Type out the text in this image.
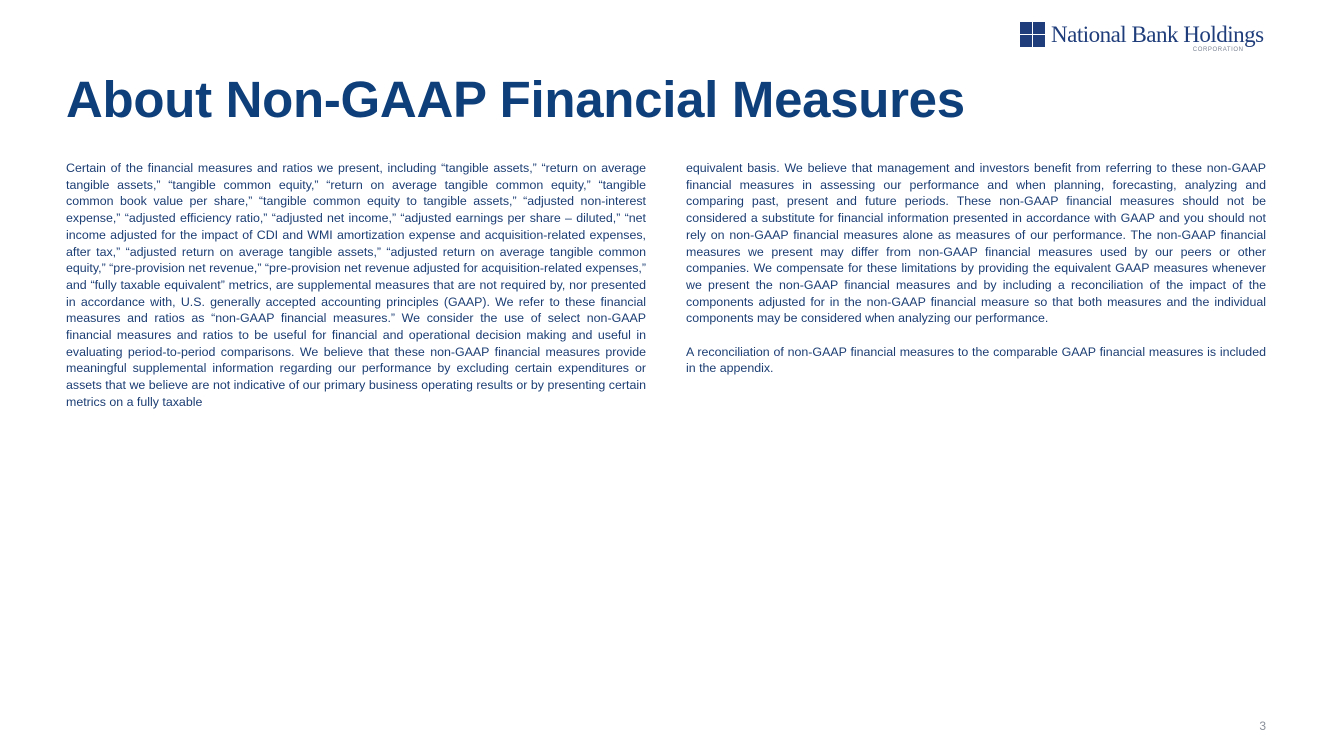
National Bank Holdings
CORPORATION
About Non-GAAP Financial Measures

Certain of the financial measures and ratios we present, including “tangible assets,” “return on average tangible assets,” “tangible common equity,” “return on average tangible common equity,” “tangible common book value per share,” “tangible common equity to tangible assets,” “adjusted non-interest expense,” “adjusted efficiency ratio,” “adjusted net income,” “adjusted earnings per share – diluted,” “net income adjusted for the impact of CDI and WMI amortization expense and acquisition-related expenses, after tax,” “adjusted return on average tangible assets,” “adjusted return on average tangible common equity,” “pre-provision net revenue,” “pre-provision net revenue adjusted for acquisition-related expenses,” and “fully taxable equivalent” metrics, are supplemental measures that are not required by, nor presented in accordance with, U.S. generally accepted accounting principles (GAAP). We refer to these financial measures and ratios as “non-GAAP financial measures.” We consider the use of select non-GAAP financial measures and ratios to be useful for financial and operational decision making and useful in evaluating period-to-period comparisons. We believe that these non-GAAP financial measures provide meaningful supplemental information regarding our performance by excluding certain expenditures or assets that we believe are not indicative of our primary business operating results or by presenting certain metrics on a fully taxable

equivalent basis. We believe that management and investors benefit from referring to these non-GAAP financial measures in assessing our performance and when planning, forecasting, analyzing and comparing past, present and future periods. These non-GAAP financial measures should not be considered a substitute for financial information presented in accordance with GAAP and you should not rely on non-GAAP financial measures alone as measures of our performance. The non-GAAP financial measures we present may differ from non-GAAP financial measures used by our peers or other companies. We compensate for these limitations by providing the equivalent GAAP measures whenever we present the non-GAAP financial measures and by including a reconciliation of the impact of the components adjusted for in the non-GAAP financial measure so that both measures and the individual components may be considered when analyzing our performance.

A reconciliation of non-GAAP financial measures to the comparable GAAP financial measures is included in the appendix.

3
